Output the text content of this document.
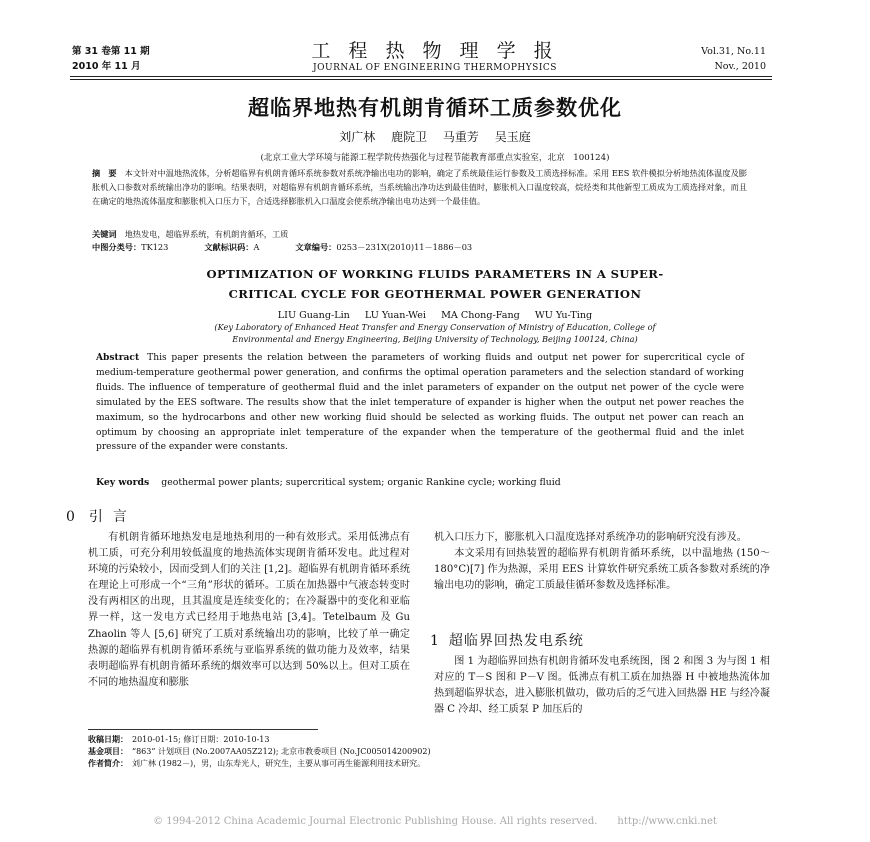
第 31 卷第 11 期
2010 年 11 月
工 程 热 物 理 学 报
JOURNAL OF ENGINEERING THERMOPHYSICS
Vol.31, No.11
Nov., 2010
超临界地热有机朗肯循环工质参数优化
刘广林 鹿院卫 马重芳 吴玉庭
(北京工业大学环境与能源工程学院传热强化与过程节能教育部重点实验室，北京　100124)
摘　要 本文针对中温地热流体，分析超临界有机朗肯循环系统参数对系统净输出电功的影响，确定了系统最佳运行参数及工质选择标准。采用 EES 软件模拟分析地热流体温度及膨胀机入口参数对系统输出净功的影响。结果表明，对超临界有机朗肯循环系统，当系统输出净功达到最佳值时，膨胀机入口温度较高，烷烃类和其他新型工质成为工质选择对象，而且在确定的地热流体温度和膨胀机入口压力下，合适选择膨胀机入口温度会使系统净输出电功达到一个最佳值。
关键词 地热发电，超临界系统，有机朗肯循环，工质
中图分类号：TK123	文献标识码：A	文章编号：0253－231X(2010)11－1886－03
OPTIMIZATION OF WORKING FLUIDS PARAMETERS IN A SUPER-
CRITICAL CYCLE FOR GEOTHERMAL POWER GENERATION
LIU Guang-Lin LU Yuan-Wei MA Chong-Fang WU Yu-Ting
(Key Laboratory of Enhanced Heat Transfer and Energy Conservation of Ministry of Education, College of
Environmental and Energy Engineering, Beijing University of Technology, Beijing 100124, China)
Abstract This paper presents the relation between the parameters of working fluids and output net power for supercritical cycle of medium-temperature geothermal power generation, and confirms the optimal operation parameters and the selection standard of working fluids. The influence of temperature of geothermal fluid and the inlet parameters of expander on the output net power of the cycle were simulated by the EES software. The results show that the inlet temperature of expander is higher when the output net power reaches the maximum, so the hydrocarbons and other new working fluid should be selected as working fluids. The output net power can reach an optimum by choosing an appropriate inlet temperature of the expander when the temperature of the geothermal fluid and the inlet pressure of the expander were constants.
Key words geothermal power plants; supercritical system; organic Rankine cycle; working fluid
0 引言

有机朗肯循环地热发电是地热利用的一种有效形式。采用低沸点有机工质，可充分利用较低温度的地热流体实现朗肯循环发电。此过程对环境的污染较小，因而受到人们的关注 [1,2]。超临界有机朗肯循环系统在理论上可形成一个“三角”形状的循环。工质在加热器中气液态转变时没有两相区的出现，且其温度是连续变化的；在冷凝器中的变化和亚临界一样，这一发电方式已经用于地热电站 [3,4]。Tetelbaum 及 Gu Zhaolin 等人 [5,6] 研究了工质对系统输出功的影响，比较了单一确定热源的超临界有机朗肯循环系统与亚临界系统的做功能力及效率，结果表明超临界有机朗肯循环系统的烟效率可以达到 50%以上。但对工质在不同的地热温度和膨胀

机入口压力下，膨胀机入口温度选择对系统净功的影响研究没有涉及。

本文采用有回热装置的超临界有机朗肯循环系统，以中温地热 (150～180°C)[7] 作为热源，采用 EES 计算软件研究系统工质各参数对系统的净输出电功的影响，确定工质最佳循环参数及选择标准。

1 超临界回热发电系统

图 1 为超临界回热有机朗肯循环发电系统图，图 2 和图 3 为与图 1 相对应的 T－S 图和 P－V 图。低沸点有机工质在加热器 H 中被地热流体加热到超临界状态，进入膨胀机做功，做功后的乏气进入回热器 HE 与经冷凝器 C 冷却、经工质泵 P 加压后的

收稿日期： 2010-01-15; 修订日期：2010-10-13
基金项目： “863” 计划项目 (No.2007AA05Z212); 北京市教委项目 (No.JC005014200902)
作者简介： 刘广林 (1982－)，男，山东寿光人，研究生，主要从事可再生能源利用技术研究。
© 1994-2012 China Academic Journal Electronic Publishing House. All rights reserved.　　http://www.cnki.net
